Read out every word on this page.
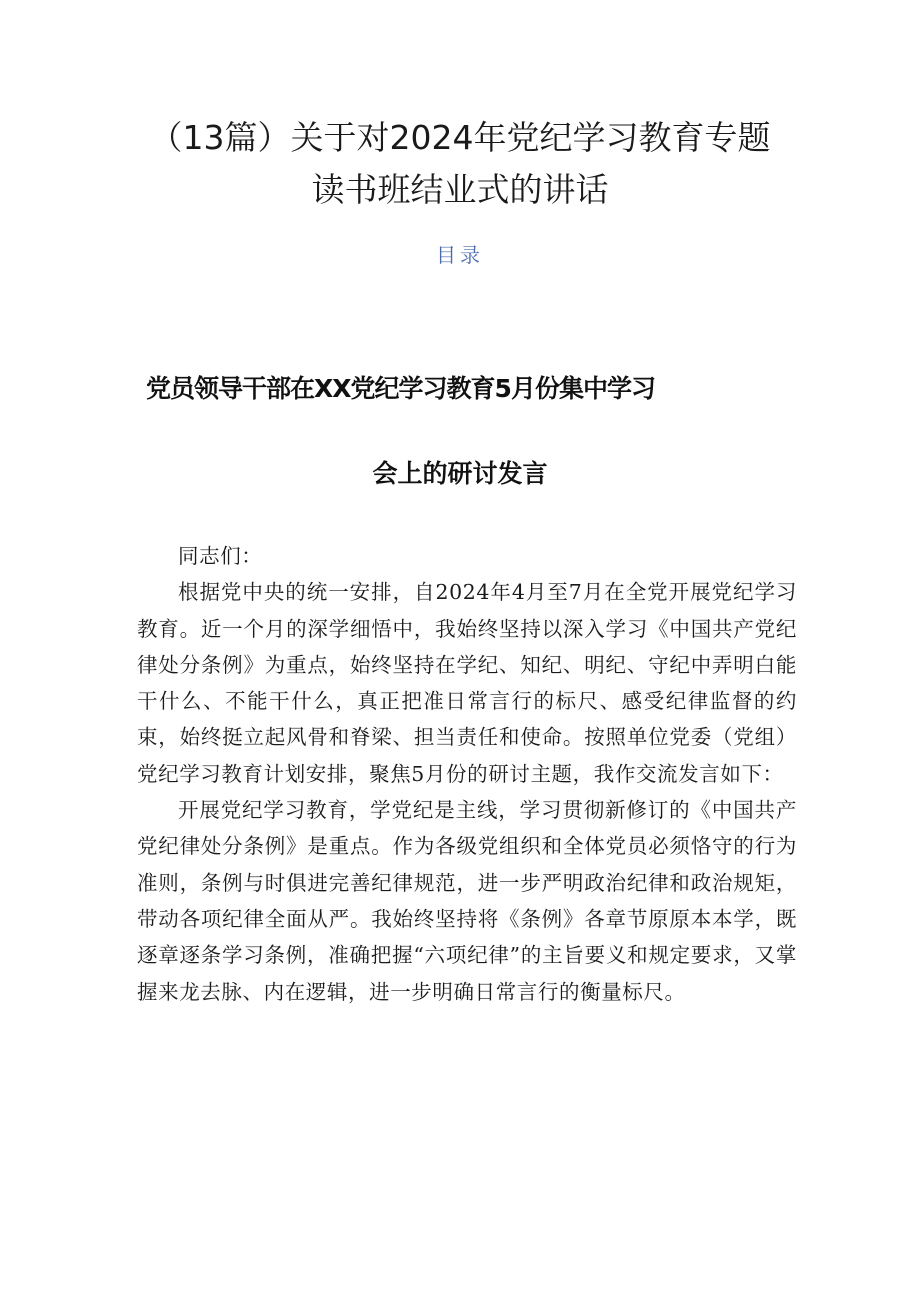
（13篇）关于对2024年党纪学习教育专题
读书班结业式的讲话
目录
党员领导干部在XX党纪学习教育5月份集中学习
会上的研讨发言

同志们：

根据党中央的统一安排，自2024年4月至7月在全党开展党纪学习教育。近一个月的深学细悟中，我始终坚持以深入学习《中国共产党纪律处分条例》为重点，始终坚持在学纪、知纪、明纪、守纪中弄明白能干什么、不能干什么，真正把准日常言行的标尺、感受纪律监督的约束，始终挺立起风骨和脊梁、担当责任和使命。按照单位党委（党组）党纪学习教育计划安排，聚焦5月份的研讨主题，我作交流发言如下：

开展党纪学习教育，学党纪是主线，学习贯彻新修订的《中国共产党纪律处分条例》是重点。作为各级党组织和全体党员必须恪守的行为准则，条例与时俱进完善纪律规范，进一步严明政治纪律和政治规矩，带动各项纪律全面从严。我始终坚持将《条例》各章节原原本本学，既逐章逐条学习条例，准确把握“六项纪律”的主旨要义和规定要求，又掌握来龙去脉、内在逻辑，进一步明确日常言行的衡量标尺。
